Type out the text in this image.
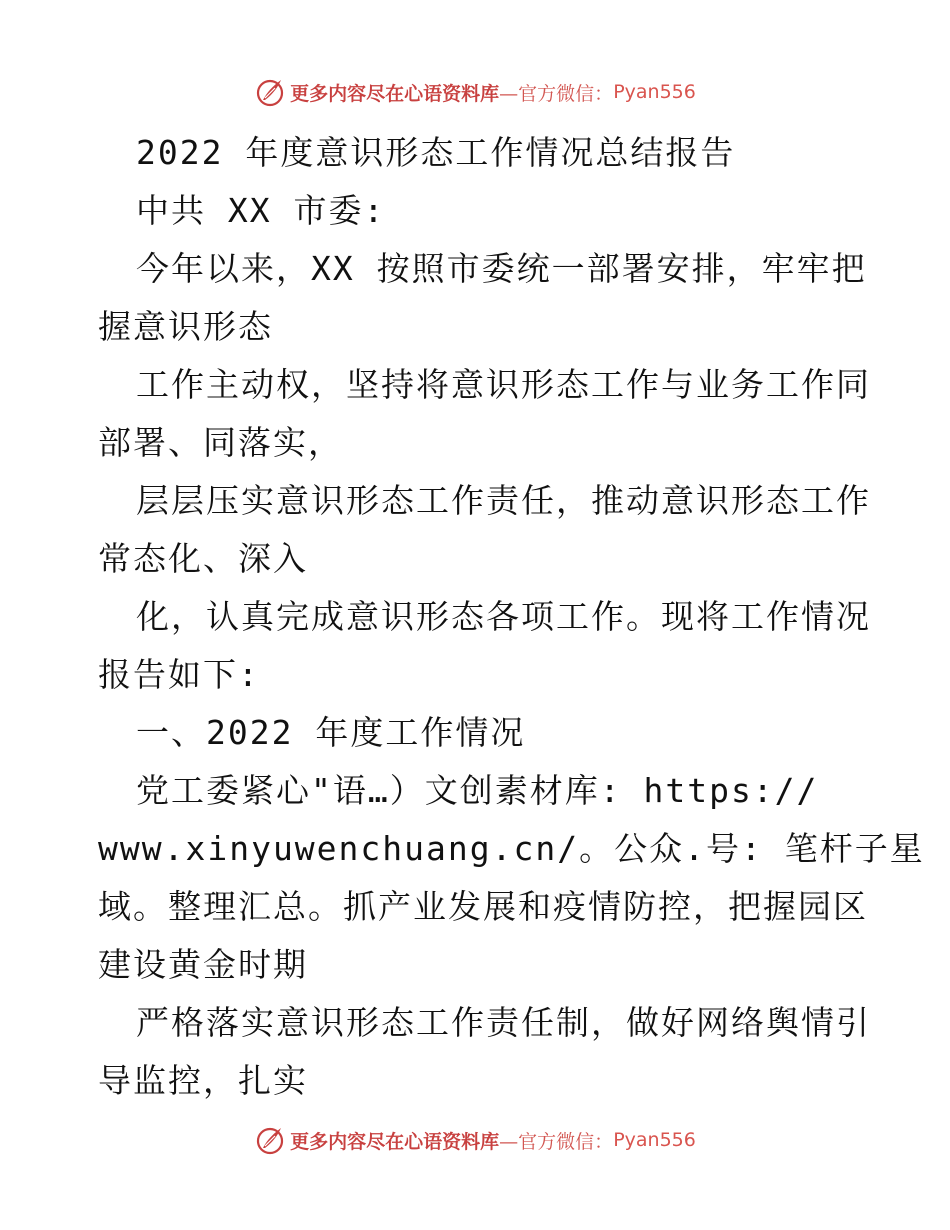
更多内容尽在心语资料库 —官方微信： Pyan556
2022 年度意识形态工作情况总结报告
中共 XX 市委:
今年以来，XX 按照市委统一部署安排，牢牢把
握意识形态
工作主动权，坚持将意识形态工作与业务工作同
部署、同落实，
层层压实意识形态工作责任，推动意识形态工作
常态化、深入
化，认真完成意识形态各项工作。现将工作情况
报告如下:
一、2022 年度工作情况
党工委紧心"语…）文创素材库: https://
www.xinyuwenchuang.cn/。公众.号: 笔杆子星
域。整理汇总。抓产业发展和疫情防控，把握园区
建设黄金时期
严格落实意识形态工作责任制，做好网络舆情引
导监控，扎实
更多内容尽在心语资料库 —官方微信： Pyan556
